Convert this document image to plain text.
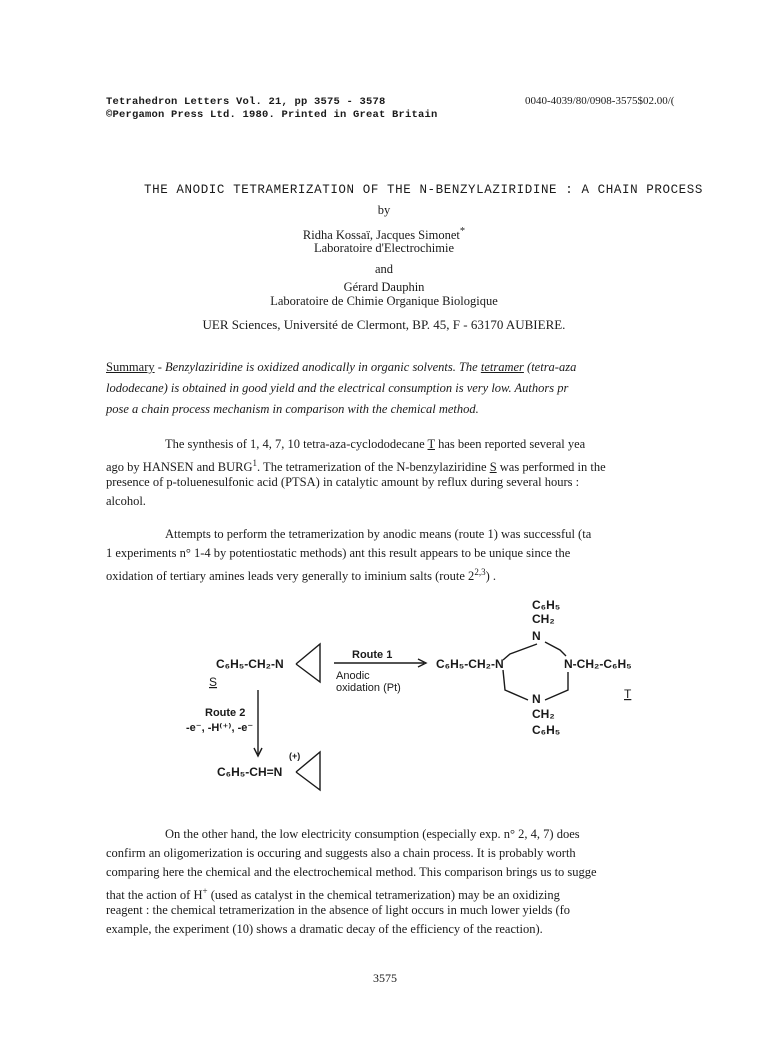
Tetrahedron Letters Vol. 21, pp 3575 - 3578
©Pergamon Press Ltd. 1980. Printed in Great Britain
0040-4039/80/0908-3575$02.00/(
THE ANODIC TETRAMERIZATION OF THE N-BENZYLAZIRIDINE : A CHAIN PROCESS
by
Ridha Kossaï, Jacques Simonet*
Laboratoire d'Electrochimie
and
Gérard Dauphin
Laboratoire de Chimie Organique Biologique
UER Sciences, Université de Clermont, BP. 45, F - 63170 AUBIERE.
Summary - Benzylaziridine is oxidized anodically in organic solvents. The tetramer (tetra-aza
lododecane) is obtained in good yield and the electrical consumption is very low. Authors pr
pose a chain process mechanism in comparison with the chemical method.
The synthesis of 1, 4, 7, 10 tetra-aza-cyclododecane T has been reported several yea
ago by HANSEN and BURG$^1$. The tetramerization of the N-benzylaziridine S was performed in the
presence of p-toluenesulfonic acid (PTSA) in catalytic amount by reflux during several hours :
alcohol.
Attempts to perform the tetramerization by anodic means (route 1) was successful (ta
1 experiments n° 1-4 by potentiostatic methods) ant this result appears to be unique since the
oxidation of tertiary amines leads very generally to iminium salts (route 2$^{2,3}$) .
C₆H₅-CH₂-N
S
Route 1
Anodic
oxidation (Pt)
C₆H₅-CH₂-N	N-CH₂-C₆H₅
C₆H₅
CH₂
N
N
CH₂
C₆H₅
T
Route 2
-e⁻, -H⁽⁺⁾, -e⁻
C₆H₅-CH=N
(+)
On the other hand, the low electricity consumption (especially exp. n° 2, 4, 7) does
confirm an oligomerization is occuring and suggests also a chain process. It is probably worth
comparing here the chemical and the electrochemical method. This comparison brings us to sugge
that the action of H+ (used as catalyst in the chemical tetramerization) may be an oxidizing
reagent : the chemical tetramerization in the absence of light occurs in much lower yields (fo
example, the experiment (10) shows a dramatic decay of the efficiency of the reaction).
3575
